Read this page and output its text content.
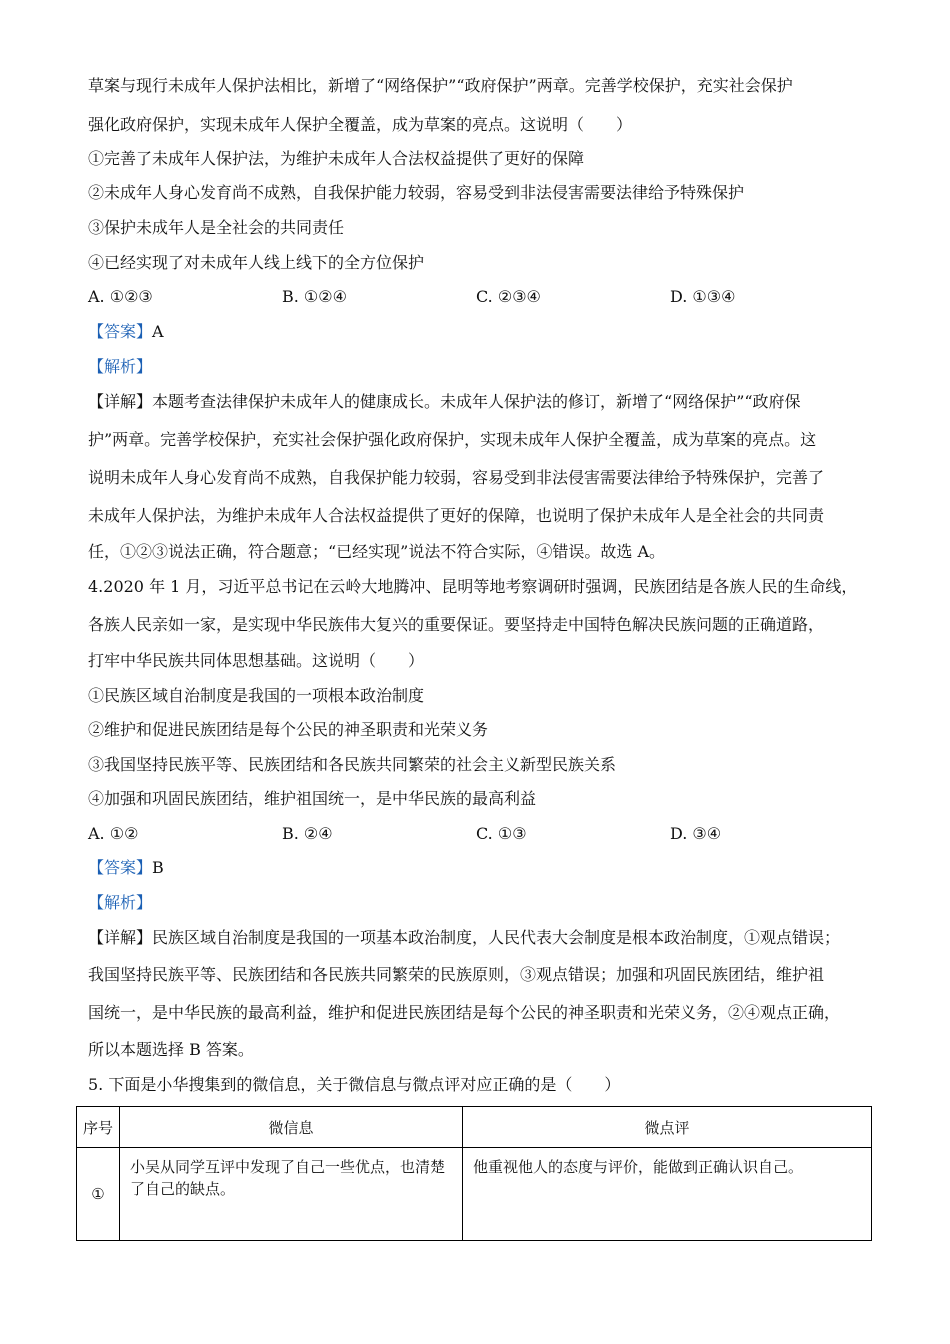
草案与现行未成年人保护法相比，新增了“网络保护”“政府保护”两章。完善学校保护，充实社会保护
强化政府保护，实现未成年人保护全覆盖，成为草案的亮点。这说明（　　）
①完善了未成年人保护法，为维护未成年人合法权益提供了更好的保障
②未成年人身心发育尚不成熟，自我保护能力较弱，容易受到非法侵害需要法律给予特殊保护
③保护未成年人是全社会的共同责任
④已经实现了对未成年人线上线下的全方位保护
A. ①②③	B. ①②④	C. ②③④	D. ①③④
【答案】A
【解析】
【详解】本题考查法律保护未成年人的健康成长。未成年人保护法的修订，新增了“网络保护”“政府保
护”两章。完善学校保护，充实社会保护强化政府保护，实现未成年人保护全覆盖，成为草案的亮点。这
说明未成年人身心发育尚不成熟，自我保护能力较弱，容易受到非法侵害需要法律给予特殊保护，完善了
未成年人保护法，为维护未成年人合法权益提供了更好的保障，也说明了保护未成年人是全社会的共同责
任，①②③说法正确，符合题意；“已经实现”说法不符合实际，④错误。故选 A。
4.2020 年 1 月，习近平总书记在云岭大地腾冲、昆明等地考察调研时强调，民族团结是各族人民的生命线，
各族人民亲如一家，是实现中华民族伟大复兴的重要保证。要坚持走中国特色解决民族问题的正确道路，
打牢中华民族共同体思想基础。这说明（　　）
①民族区域自治制度是我国的一项根本政治制度
②维护和促进民族团结是每个公民的神圣职责和光荣义务
③我国坚持民族平等、民族团结和各民族共同繁荣的社会主义新型民族关系
④加强和巩固民族团结，维护祖国统一，是中华民族的最高利益
A. ①②	B. ②④	C. ①③	D. ③④
【答案】B
【解析】
【详解】民族区域自治制度是我国的一项基本政治制度，人民代表大会制度是根本政治制度，①观点错误；
我国坚持民族平等、民族团结和各民族共同繁荣的民族原则，③观点错误；加强和巩固民族团结，维护祖
国统一，是中华民族的最高利益，维护和促进民族团结是每个公民的神圣职责和光荣义务，②④观点正确，
所以本题选择 B 答案。
5. 下面是小华搜集到的微信息，关于微信息与微点评对应正确的是（　　）
序号	微信息	微点评
①	小吴从同学互评中发现了自己一些优点，也清楚了自己的缺点。	他重视他人的态度与评价，能做到正确认识自己。
